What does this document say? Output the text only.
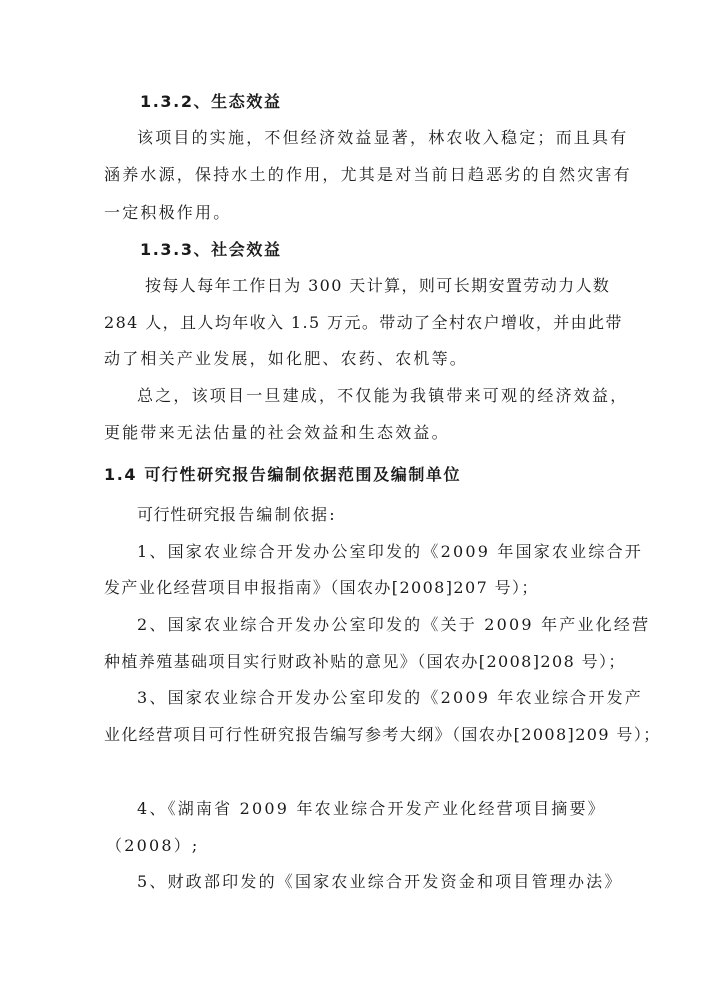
1.3.2、生态效益
该项目的实施，不但经济效益显著，林农收入稳定；而且具有
涵养水源，保持水土的作用，尤其是对当前日趋恶劣的自然灾害有
一定积极作用。
1.3.3、社会效益
按每人每年工作日为 300 天计算，则可长期安置劳动力人数
284 人，且人均年收入 1.5 万元。带动了全村农户增收，并由此带
动了相关产业发展，如化肥、农药、农机等。
总之，该项目一旦建成，不仅能为我镇带来可观的经济效益，
更能带来无法估量的社会效益和生态效益。
1.4 可行性研究报告编制依据范围及编制单位
可行性研究报告编制依据:
1、国家农业综合开发办公室印发的《2009 年国家农业综合开
发产业化经营项目申报指南》（国农办[2008]207 号）；
2、国家农业综合开发办公室印发的《关于 2009 年产业化经营
种植养殖基础项目实行财政补贴的意见》（国农办[2008]208 号）；
3、国家农业综合开发办公室印发的《2009 年农业综合开发产
业化经营项目可行性研究报告编写参考大纲》（国农办[2008]209 号）；
4、《湖南省 2009 年农业综合开发产业化经营项目摘要》
（2008）;
5、财政部印发的《国家农业综合开发资金和项目管理办法》
